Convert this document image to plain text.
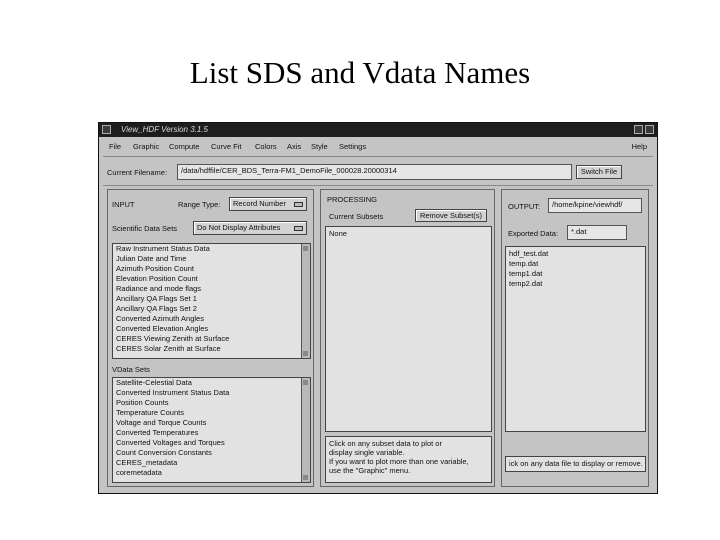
List SDS and Vdata Names
View_HDF Version 3.1.5
File Graphic Compute Curve Fit Colors Axis Style Settings	Help
Current Filename:	/data/hdffile/CER_BDS_Terra-FM1_DemoFile_000028.20000314	Switch File
INPUT	Range Type:	Record Number
Scientific Data Sets	Do Not Display Attributes
Raw Instrument Status Data
Julian Date and Time
Azimuth Position Count
Elevation Position Count
Radiance and mode flags
Ancillary QA Flags Set 1
Ancillary QA Flags Set 2
Converted Azimuth Angles
Converted Elevation Angles
CERES Viewing Zenith at Surface
CERES Solar Zenith at Surface
VData Sets
Satellite-Celestial Data
Converted Instrument Status Data
Position Counts
Temperature Counts
Voltage and Torque Counts
Converted Temperatures
Converted Voltages and Torques
Count Conversion Constants
CERES_metadata
coremetadata
PROCESSING
Current Subsets	Remove Subset(s)
None
Click on any subset data to plot or
display single variable.
If you want to plot more than one variable,
use the "Graphic" menu.
OUTPUT:	/home/kpine/viewhdf/
Exported Data:	*.dat
hdf_test.dat
temp.dat
temp1.dat
temp2.dat
ick on any data file to display or remove.
